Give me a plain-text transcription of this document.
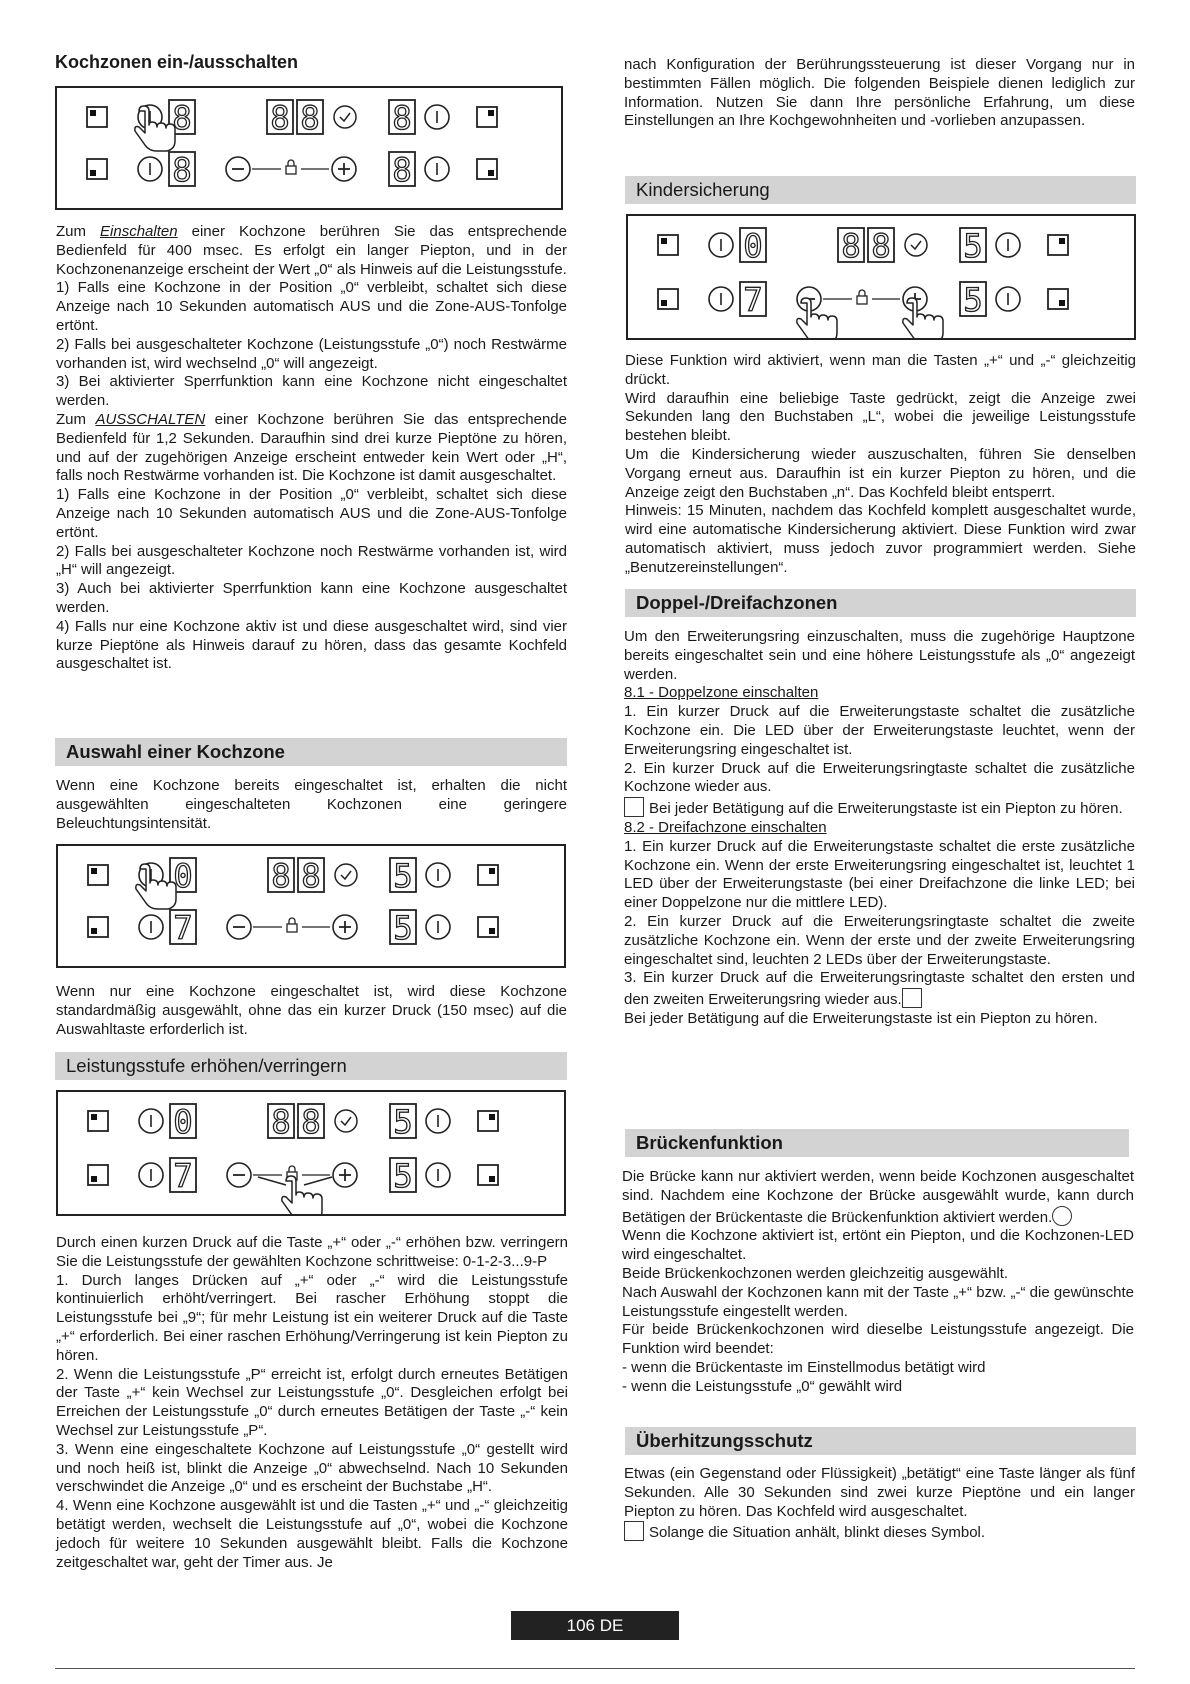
Kochzonen ein-/ausschalten
8
8
8 8 8
8

Zum Einschalten einer Kochzone berühren Sie das entsprechende Bedienfeld für 400 msec. Es erfolgt ein langer Piepton, und in der Kochzonenanzeige erscheint der Wert „0“ als Hinweis auf die Leistungsstufe.

1) Falls eine Kochzone in der Position „0“ verbleibt, schaltet sich diese Anzeige nach 10 Sekunden automatisch AUS und die Zone-AUS-Tonfolge ertönt.

2) Falls bei ausgeschalteter Kochzone (Leistungsstufe „0“) noch Restwärme vorhanden ist, wird wechselnd „0“ will angezeigt.

3) Bei aktivierter Sperrfunktion kann eine Kochzone nicht eingeschaltet werden.

Zum AUSSCHALTEN einer Kochzone berühren Sie das entsprechende Bedienfeld für 1,2 Sekunden. Daraufhin sind drei kurze Pieptöne zu hören, und auf der zugehörigen Anzeige erscheint entweder kein Wert oder „H“, falls noch Restwärme vorhanden ist. Die Kochzone ist damit ausgeschaltet.

1) Falls eine Kochzone in der Position „0“ verbleibt, schaltet sich diese Anzeige nach 10 Sekunden automatisch AUS und die Zone-AUS-Tonfolge ertönt.

2) Falls bei ausgeschalteter Kochzone noch Restwärme vorhanden ist, wird „H“ will angezeigt.

3) Auch bei aktivierter Sperrfunktion kann eine Kochzone ausgeschaltet werden.

4) Falls nur eine Kochzone aktiv ist und diese ausgeschaltet wird, sind vier kurze Pieptöne als Hinweis darauf zu hören, dass das gesamte Kochfeld ausgeschaltet ist.

Auswahl einer Kochzone
Wenn eine Kochzone bereits eingeschaltet ist, erhalten die nicht ausgewählten eingeschalteten Kochzonen eine geringere Beleuchtungsintensität.
0
7
8 8 5
5
Wenn nur eine Kochzone eingeschaltet ist, wird diese Kochzone standardmäßig ausgewählt, ohne das ein kurzer Druck (150 msec) auf die Auswahltaste erforderlich ist.
Leistungsstufe erhöhen/verringern
0
7
8 8 5
5

Durch einen kurzen Druck auf die Taste „+“ oder „-“ erhöhen bzw. verringern Sie die Leistungsstufe der gewählten Kochzone schrittweise: 0-1-2-3...9-P

1. Durch langes Drücken auf „+“ oder „-“ wird die Leistungsstufe kontinuierlich erhöht/verringert. Bei rascher Erhöhung stoppt die Leistungsstufe bei „9“; für mehr Leistung ist ein weiterer Druck auf die Taste „+“ erforderlich. Bei einer raschen Erhöhung/Verringerung ist kein Piepton zu hören.

2. Wenn die Leistungsstufe „P“ erreicht ist, erfolgt durch erneutes Betätigen der Taste „+“ kein Wechsel zur Leistungsstufe „0“. Desgleichen erfolgt bei Erreichen der Leistungsstufe „0“ durch erneutes Betätigen der Taste „-“ kein Wechsel zur Leistungsstufe „P“.

3. Wenn eine eingeschaltete Kochzone auf Leistungsstufe „0“ gestellt wird und noch heiß ist, blinkt die Anzeige „0“ abwechselnd. Nach 10 Sekunden verschwindet die Anzeige „0“ und es erscheint der Buchstabe „H“.

4. Wenn eine Kochzone ausgewählt ist und die Tasten „+“ und „-“ gleichzeitig betätigt werden, wechselt die Leistungsstufe auf „0“, wobei die Kochzone jedoch für weitere 10 Sekunden ausgewählt bleibt. Falls die Kochzone zeitgeschaltet war, geht der Timer aus. Je

nach Konfiguration der Berührungssteuerung ist dieser Vorgang nur in bestimmten Fällen möglich. Die folgenden Beispiele dienen lediglich zur Information. Nutzen Sie dann Ihre persönliche Erfahrung, um diese Einstellungen an Ihre Kochgewohnheiten und -vorlieben anzupassen.
Kindersicherung
0
7
8 8 5
5

Diese Funktion wird aktiviert, wenn man die Tasten „+“ und „-“ gleichzeitig drückt.

Wird daraufhin eine beliebige Taste gedrückt, zeigt die Anzeige zwei Sekunden lang den Buchstaben „L“, wobei die jeweilige Leistungsstufe bestehen bleibt.

Um die Kindersicherung wieder auszuschalten, führen Sie denselben Vorgang erneut aus. Daraufhin ist ein kurzer Piepton zu hören, und die Anzeige zeigt den Buchstaben „n“. Das Kochfeld bleibt entsperrt.

Hinweis: 15 Minuten, nachdem das Kochfeld komplett ausgeschaltet wurde, wird eine automatische Kindersicherung aktiviert. Diese Funktion wird zwar automatisch aktiviert, muss jedoch zuvor programmiert werden. Siehe „Benutzereinstellungen“.

Doppel-/Dreifachzonen

Um den Erweiterungsring einzuschalten, muss die zugehörige Hauptzone bereits eingeschaltet sein und eine höhere Leistungsstufe als „0“ angezeigt werden.

8.1 - Doppelzone einschalten

1. Ein kurzer Druck auf die Erweiterungstaste schaltet die zusätzliche Kochzone ein. Die LED über der Erweiterungstaste leuchtet, wenn der Erweiterungsring eingeschaltet ist.

2. Ein kurzer Druck auf die Erweiterungsringtaste schaltet die zusätzliche Kochzone wieder aus.

Bei jeder Betätigung auf die Erweiterungstaste ist ein Piepton zu hören.

8.2 - Dreifachzone einschalten

1. Ein kurzer Druck auf die Erweiterungstaste schaltet die erste zusätzliche Kochzone ein. Wenn der erste Erweiterungsring eingeschaltet ist, leuchtet 1 LED über der Erweiterungstaste (bei einer Dreifachzone die linke LED; bei einer Doppelzone nur die mittlere LED).

2. Ein kurzer Druck auf die Erweiterungsringtaste schaltet die zweite zusätzliche Kochzone ein. Wenn der erste und der zweite Erweiterungsring eingeschaltet sind, leuchten 2 LEDs über der Erweiterungstaste.

3. Ein kurzer Druck auf die Erweiterungsringtaste schaltet den ersten und den zweiten Erweiterungsring wieder aus.

Bei jeder Betätigung auf die Erweiterungstaste ist ein Piepton zu hören.

Brückenfunktion

Die Brücke kann nur aktiviert werden, wenn beide Kochzonen ausgeschaltet sind. Nachdem eine Kochzone der Brücke ausgewählt wurde, kann durch Betätigen der Brückentaste die Brückenfunktion aktiviert werden.

Wenn die Kochzone aktiviert ist, ertönt ein Piepton, und die Kochzonen-LED wird eingeschaltet.

Beide Brückenkochzonen werden gleichzeitig ausgewählt.

Nach Auswahl der Kochzonen kann mit der Taste „+“ bzw. „-“ die gewünschte Leistungsstufe eingestellt werden.

Für beide Brückenkochzonen wird dieselbe Leistungsstufe angezeigt. Die Funktion wird beendet:

- wenn die Brückentaste im Einstellmodus betätigt wird

- wenn die Leistungsstufe „0“ gewählt wird

Überhitzungsschutz

Etwas (ein Gegenstand oder Flüssigkeit) „betätigt“ eine Taste länger als fünf Sekunden. Alle 30 Sekunden sind zwei kurze Pieptöne und ein langer Piepton zu hören. Das Kochfeld wird ausgeschaltet.

Solange die Situation anhält, blinkt dieses Symbol.

106 DE
